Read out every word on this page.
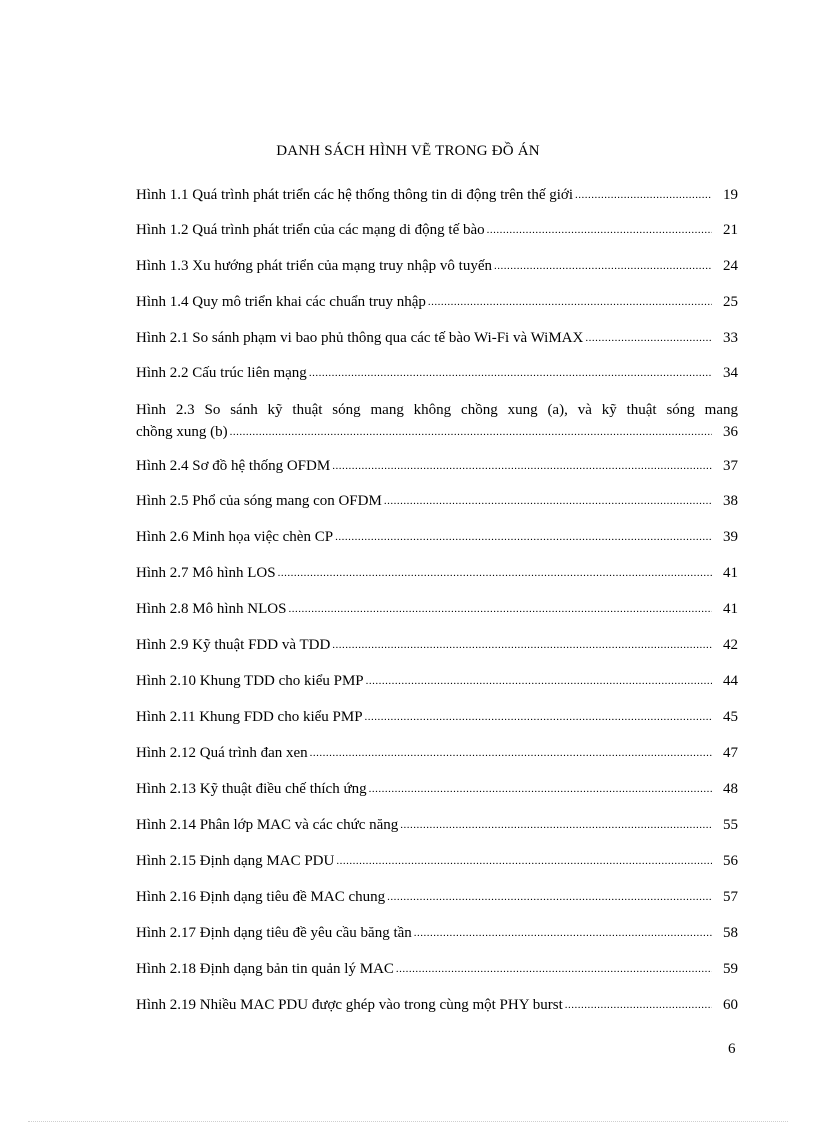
DANH SÁCH HÌNH VẼ TRONG ĐỒ ÁN
Hình 1.1 Quá trình phát triển các hệ thống thông tin di động trên thế giới .....	19
Hình 1.2 Quá trình phát triển của các mạng di động tế bào .....	21
Hình 1.3 Xu hướng phát triển của mạng truy nhập vô tuyến .....	24
Hình 1.4 Quy mô triển khai các chuẩn truy nhập .....	25
Hình 2.1 So sánh phạm vi bao phủ thông qua các tế bào Wi-Fi và WiMAX .....	33
Hình 2.2 Cấu trúc liên mạng .....	34
Hình 2.3 So sánh kỹ thuật sóng mang không chồng xung (a), và kỹ thuật sóng mang
chồng xung (b) .....	36
Hình 2.4 Sơ đồ hệ thống OFDM .....	37
Hình 2.5 Phổ của sóng mang con OFDM .....	38
Hình 2.6 Minh họa việc chèn CP .....	39
Hình 2.7 Mô hình LOS .....	41
Hình 2.8 Mô hình NLOS .....	41
Hình 2.9 Kỹ thuật FDD và TDD .....	42
Hình 2.10 Khung TDD cho kiểu PMP .....	44
Hình 2.11 Khung FDD cho kiểu PMP .....	45
Hình 2.12 Quá trình đan xen .....	47
Hình 2.13 Kỹ thuật điều chế thích ứng .....	48
Hình 2.14 Phân lớp MAC và các chức năng .....	55
Hình 2.15 Định dạng MAC PDU .....	56
Hình 2.16 Định dạng tiêu đề MAC chung .....	57
Hình 2.17 Định dạng tiêu đề yêu cầu băng tần .....	58
Hình 2.18 Định dạng bản tin quản lý MAC .....	59
Hình 2.19 Nhiều MAC PDU được ghép vào trong cùng một PHY burst .....	60
6
